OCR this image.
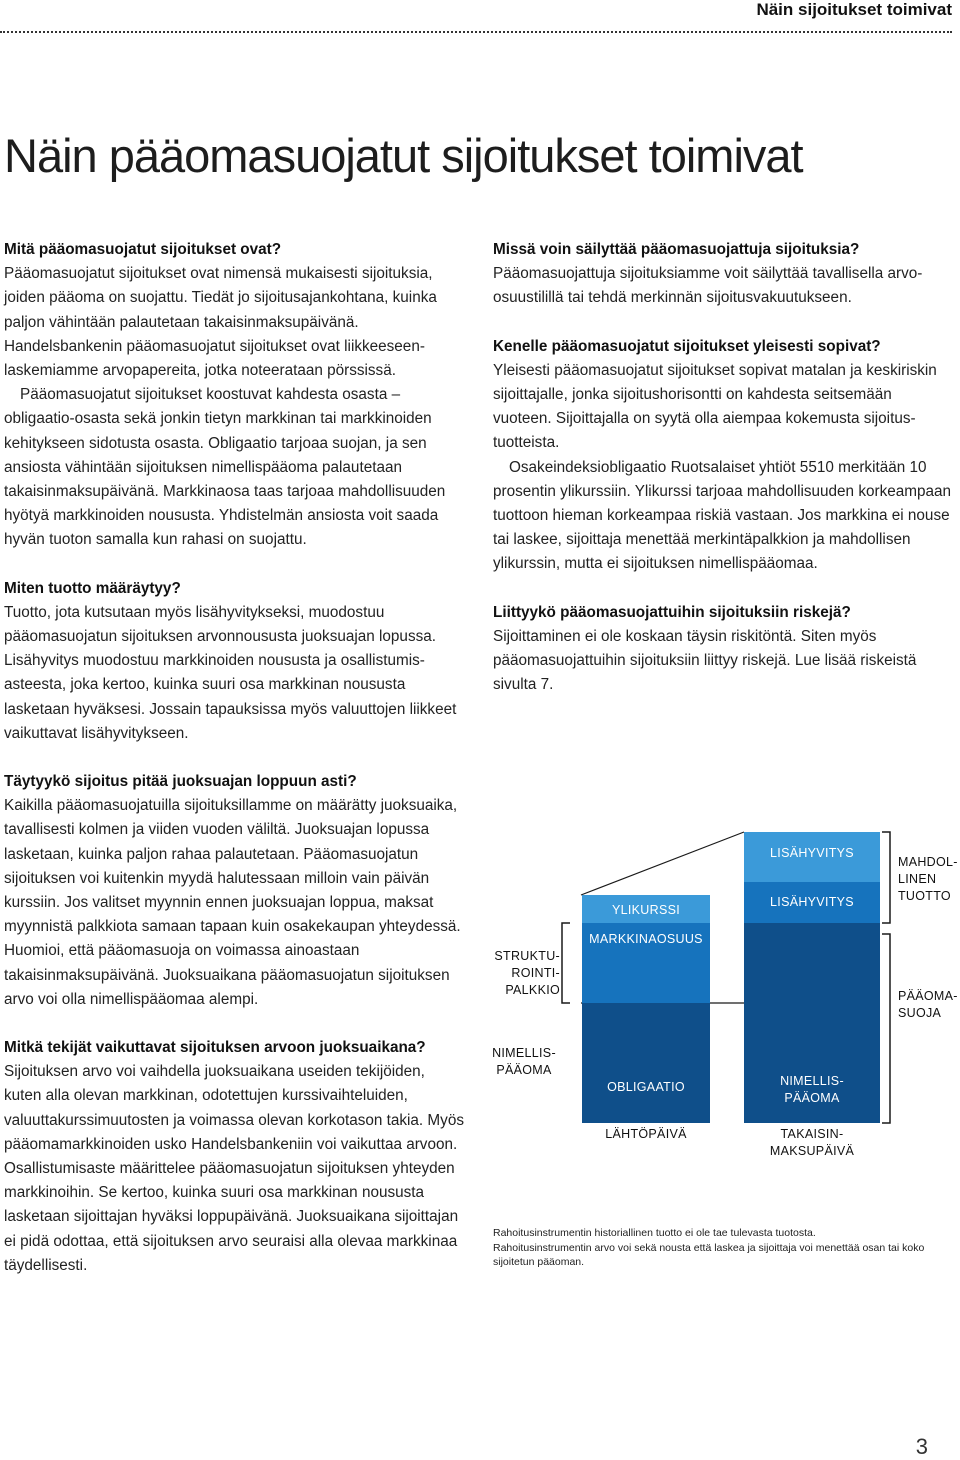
Näin sijoitukset toimivat
Näin pääomasuojatut sijoitukset toimivat
Mitä pääomasuojatut sijoitukset ovat?

Pääomasuojatut sijoitukset ovat nimensä mukaisesti sijoituksia, joiden pääoma on suojattu. Tiedät jo sijoitusajankohtana, kuinka paljon vähintään palautetaan takaisinmaksupäivänä. Handelsbankenin pääomasuojatut sijoitukset ovat liikkeeseenlaskemiamme arvopapereita, jotka noteerataan pörssissä.

Pääomasuojatut sijoitukset koostuvat kahdesta osasta – obligaatio-osasta sekä jonkin tietyn markkinan tai markkinoiden kehitykseen sidotusta osasta. Obligaatio tarjoaa suojan, ja sen ansiosta vähintään sijoituksen nimellispääoma palautetaan takaisinmaksupäivänä. Markkinaosa taas tarjoaa mahdollisuuden hyötyä markkinoiden noususta. Yhdistelmän ansiosta voit saada hyvän tuoton samalla kun rahasi on suojattu.

Miten tuotto määräytyy?

Tuotto, jota kutsutaan myös lisähyvitykseksi, muodostuu pääomasuojatun sijoituksen arvonnoususta juoksuajan lopussa. Lisähyvitys muodostuu markkinoiden noususta ja osallistumisasteesta, joka kertoo, kuinka suuri osa markkinan noususta lasketaan hyväksesi. Jossain tapauksissa myös valuuttojen liikkeet vaikuttavat lisähyvitykseen.

Täytyykö sijoitus pitää juoksuajan loppuun asti?

Kaikilla pääomasuojatuilla sijoituksillamme on määrätty juoksuaika, tavallisesti kolmen ja viiden vuoden väliltä. Juoksuajan lopussa lasketaan, kuinka paljon rahaa palautetaan. Pääomasuojatun sijoituksen voi kuitenkin myydä halutessaan milloin vain päivän kurssiin. Jos valitset myynnin ennen juoksuajan loppua, maksat myynnistä palkkiota samaan tapaan kuin osakekaupan yhteydessä. Huomioi, että pääomasuoja on voimassa ainoastaan takaisinmaksupäivänä. Juoksuaikana pääomasuojatun sijoituksen arvo voi olla nimellispääomaa alempi.

Mitkä tekijät vaikuttavat sijoituksen arvoon juoksuaikana?

Sijoituksen arvo voi vaihdella juoksuaikana useiden tekijöiden, kuten alla olevan markkinan, odotettujen kurssivaihteluiden, valuuttakurssimuutosten ja voimassa olevan korkotason takia. Myös pääomamarkkinoiden usko Handelsbankeniin voi vaikuttaa arvoon. Osallistumisaste määrittelee pääomasuojatun sijoituksen yhteyden markkinoihin. Se kertoo, kuinka suuri osa markkinan noususta lasketaan sijoittajan hyväksi loppupäivänä. Juoksuaikana sijoittajan ei pidä odottaa, että sijoituksen arvo seuraisi alla olevaa markkinaa täydellisesti.

Missä voin säilyttää pääomasuojattuja sijoituksia?

Pääomasuojattuja sijoituksiamme voit säilyttää tavallisella arvo-osuustilillä tai tehdä merkinnän sijoitusvakuutukseen.

Kenelle pääomasuojatut sijoitukset yleisesti sopivat?

Yleisesti pääomasuojatut sijoitukset sopivat matalan ja keskiriskin sijoittajalle, jonka sijoitushorisontti on kahdesta seitsemään vuoteen. Sijoittajalla on syytä olla aiempaa kokemusta sijoitustuotteista.

Osakeindeksiobligaatio Ruotsalaiset yhtiöt 5510 merkitään 10 prosentin ylikurssiin. Ylikurssi tarjoaa mahdollisuuden korkeampaan tuottoon hieman korkeampaa riskiä vastaan. Jos markkina ei nouse tai laskee, sijoittaja menettää merkintäpalkkion ja mahdollisen ylikurssin, mutta ei sijoituksen nimellispääomaa.

Liittyykö pääomasuojattuihin sijoituksiin riskejä?

Sijoittaminen ei ole koskaan täysin riskitöntä. Siten myös pääomasuojattuihin sijoituksiin liittyy riskejä. Lue lisää riskeistä sivulta 7.

YLIKURSSI
MARKKINAOSUUS
OBLIGAATIO
LÄHTÖPÄIVÄ
LISÄHYVITYS
LISÄHYVITYS
NIMELLIS-
PÄÄOMA
TAKAISIN-
MAKSUPÄIVÄ
STRUKTU-
ROINTI-
PALKKIO
NIMELLIS-
PÄÄOMA
MAHDOL-
LINEN
TUOTTO
PÄÄOMA-
SUOJA
Rahoitusinstrumentin historiallinen tuotto ei ole tae tulevasta tuotosta.
Rahoitusinstrumentin arvo voi sekä nousta että laskea ja sijoittaja voi menettää osan tai koko sijoitetun pääoman.
3
